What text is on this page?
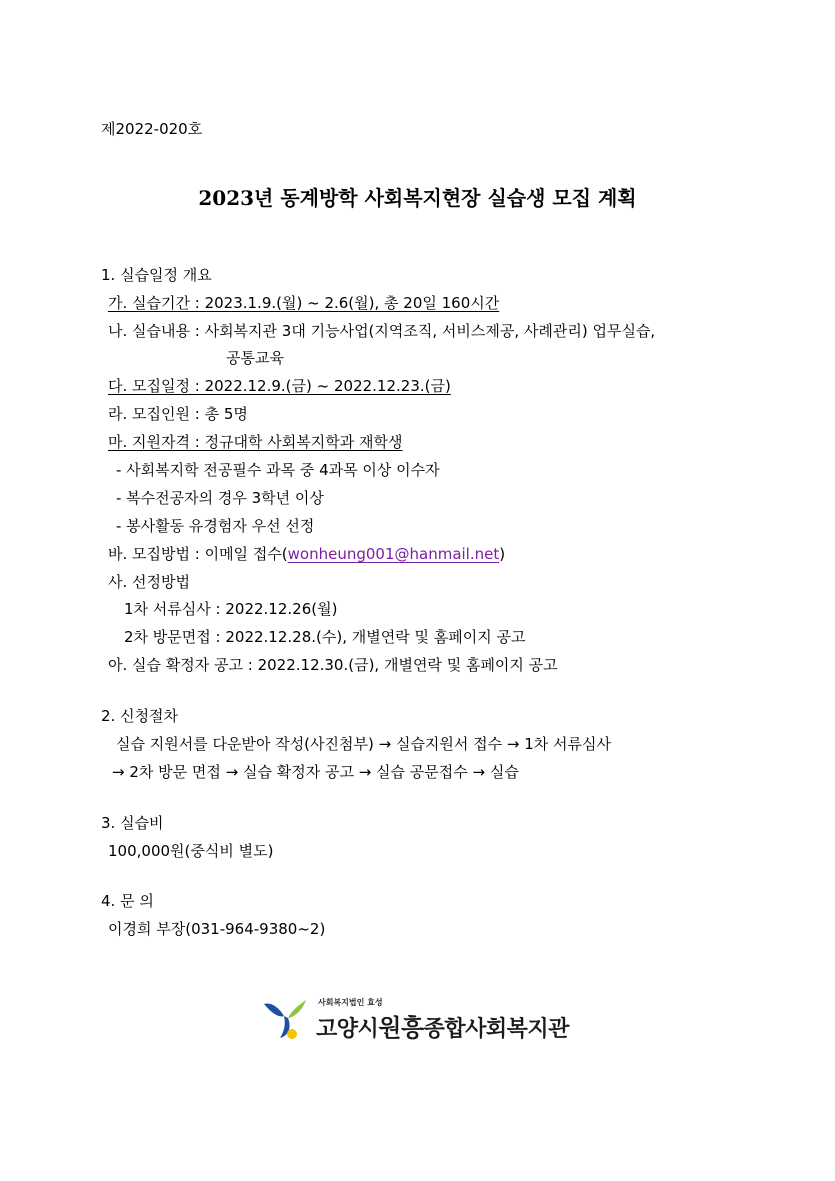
제2022-020호
2023년 동계방학 사회복지현장 실습생 모집 계획
1. 실습일정 개요
가. 실습기간 : 2023.1.9.(월) ~ 2.6(월), 총 20일 160시간
나. 실습내용 : 사회복지관 3대 기능사업(지역조직, 서비스제공, 사례관리) 업무실습,
공통교육
다. 모집일정 : 2022.12.9.(금) ~ 2022.12.23.(금)
라. 모집인원 : 총 5명
마. 지원자격 : 정규대학 사회복지학과 재학생
- 사회복지학 전공필수 과목 중 4과목 이상 이수자
- 복수전공자의 경우 3학년 이상
- 봉사활동 유경험자 우선 선정
바. 모집방법 : 이메일 접수(wonheung001@hanmail.net)
사. 선정방법
1차 서류심사 : 2022.12.26(월)
2차 방문면접 : 2022.12.28.(수), 개별연락 및 홈페이지 공고
아. 실습 확정자 공고 : 2022.12.30.(금), 개별연락 및 홈페이지 공고
2. 신청절차
실습 지원서를 다운받아 작성(사진첨부) → 실습지원서 접수 → 1차 서류심사
→ 2차 방문 면접 → 실습 확정자 공고 → 실습 공문접수 → 실습
3. 실습비
100,000원(중식비 별도)
4. 문 의
이경희 부장(031-964-9380~2)
사회복지법인 효성
고양시원흥종합사회복지관
